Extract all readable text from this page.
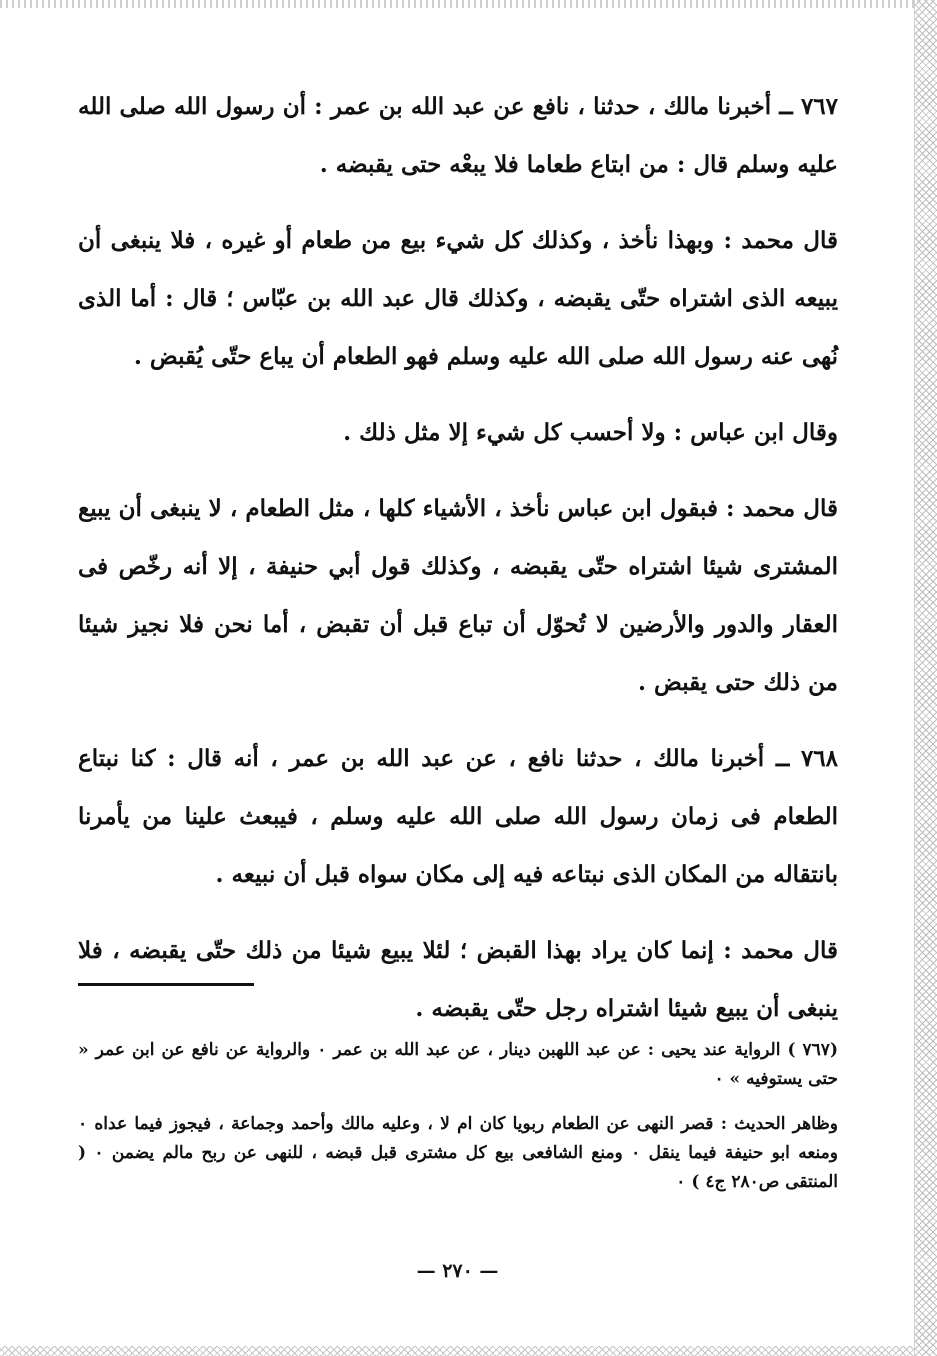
٧٦٧ ــ أخبرنا مالك ، حدثنا ، نافع عن عبد الله بن عمر : أن رسول الله صلى الله عليه وسلم قال : من ابتاع طعاما فلا يبعْه حتى يقبضه .

قال محمد : وبهذا نأخذ ، وكذلك كل شيء بيع من طعام أو غيره ، فلا ينبغى أن يبيعه الذى اشتراه حتّى يقبضه ، وكذلك قال عبد الله بن عبّاس ؛ قال : أما الذى نُهى عنه رسول الله صلى الله عليه وسلم فهو الطعام أن يباع حتّى يُقبض .

وقال ابن عباس : ولا أحسب كل شيء إلا مثل ذلك .

قال محمد : فبقول ابن عباس نأخذ ، الأشياء كلها ، مثل الطعام ، لا ينبغى أن يبيع المشترى شيئا اشتراه حتّى يقبضه ، وكذلك قول أبي حنيفة ، إلا أنه رخّص فى العقار والدور والأرضين لا تُحوّل أن تباع قبل أن تقبض ، أما نحن فلا نجيز شيئا من ذلك حتى يقبض .

٧٦٨ ــ أخبرنا مالك ، حدثنا نافع ، عن عبد الله بن عمر ، أنه قال : كنا نبتاع الطعام فى زمان رسول الله صلى الله عليه وسلم ، فيبعث علينا من يأمرنا بانتقاله من المكان الذى نبتاعه فيه إلى مكان سواه قبل أن نبيعه .

قال محمد : إنما كان يراد بهذا القبض ؛ لئلا يبيع شيئا من ذلك حتّى يقبضه ، فلا ينبغى أن يبيع شيئا اشتراه رجل حتّى يقبضه .

(٧٦٧ ) الرواية عند يحيى : عن عبد اللهبن دينار ، عن عبد الله بن عمر ٠ والرواية عن نافع عن ابن عمر « حتى يستوفيه » ٠

وظاهر الحديث : قصر النهى عن الطعام ربويا كان ام لا ، وعليه مالك وأحمد وجماعة ، فيجوز فيما عداه ٠ ومنعه ابو حنيفة فيما ينقل ٠ ومنع الشافعى بيع كل مشترى قبل قبضه ، للنهى عن ربح مالم يضمن ٠ ( المنتقى ص٢٨٠ ج٤ ) ٠

— ٢٧٠ —
